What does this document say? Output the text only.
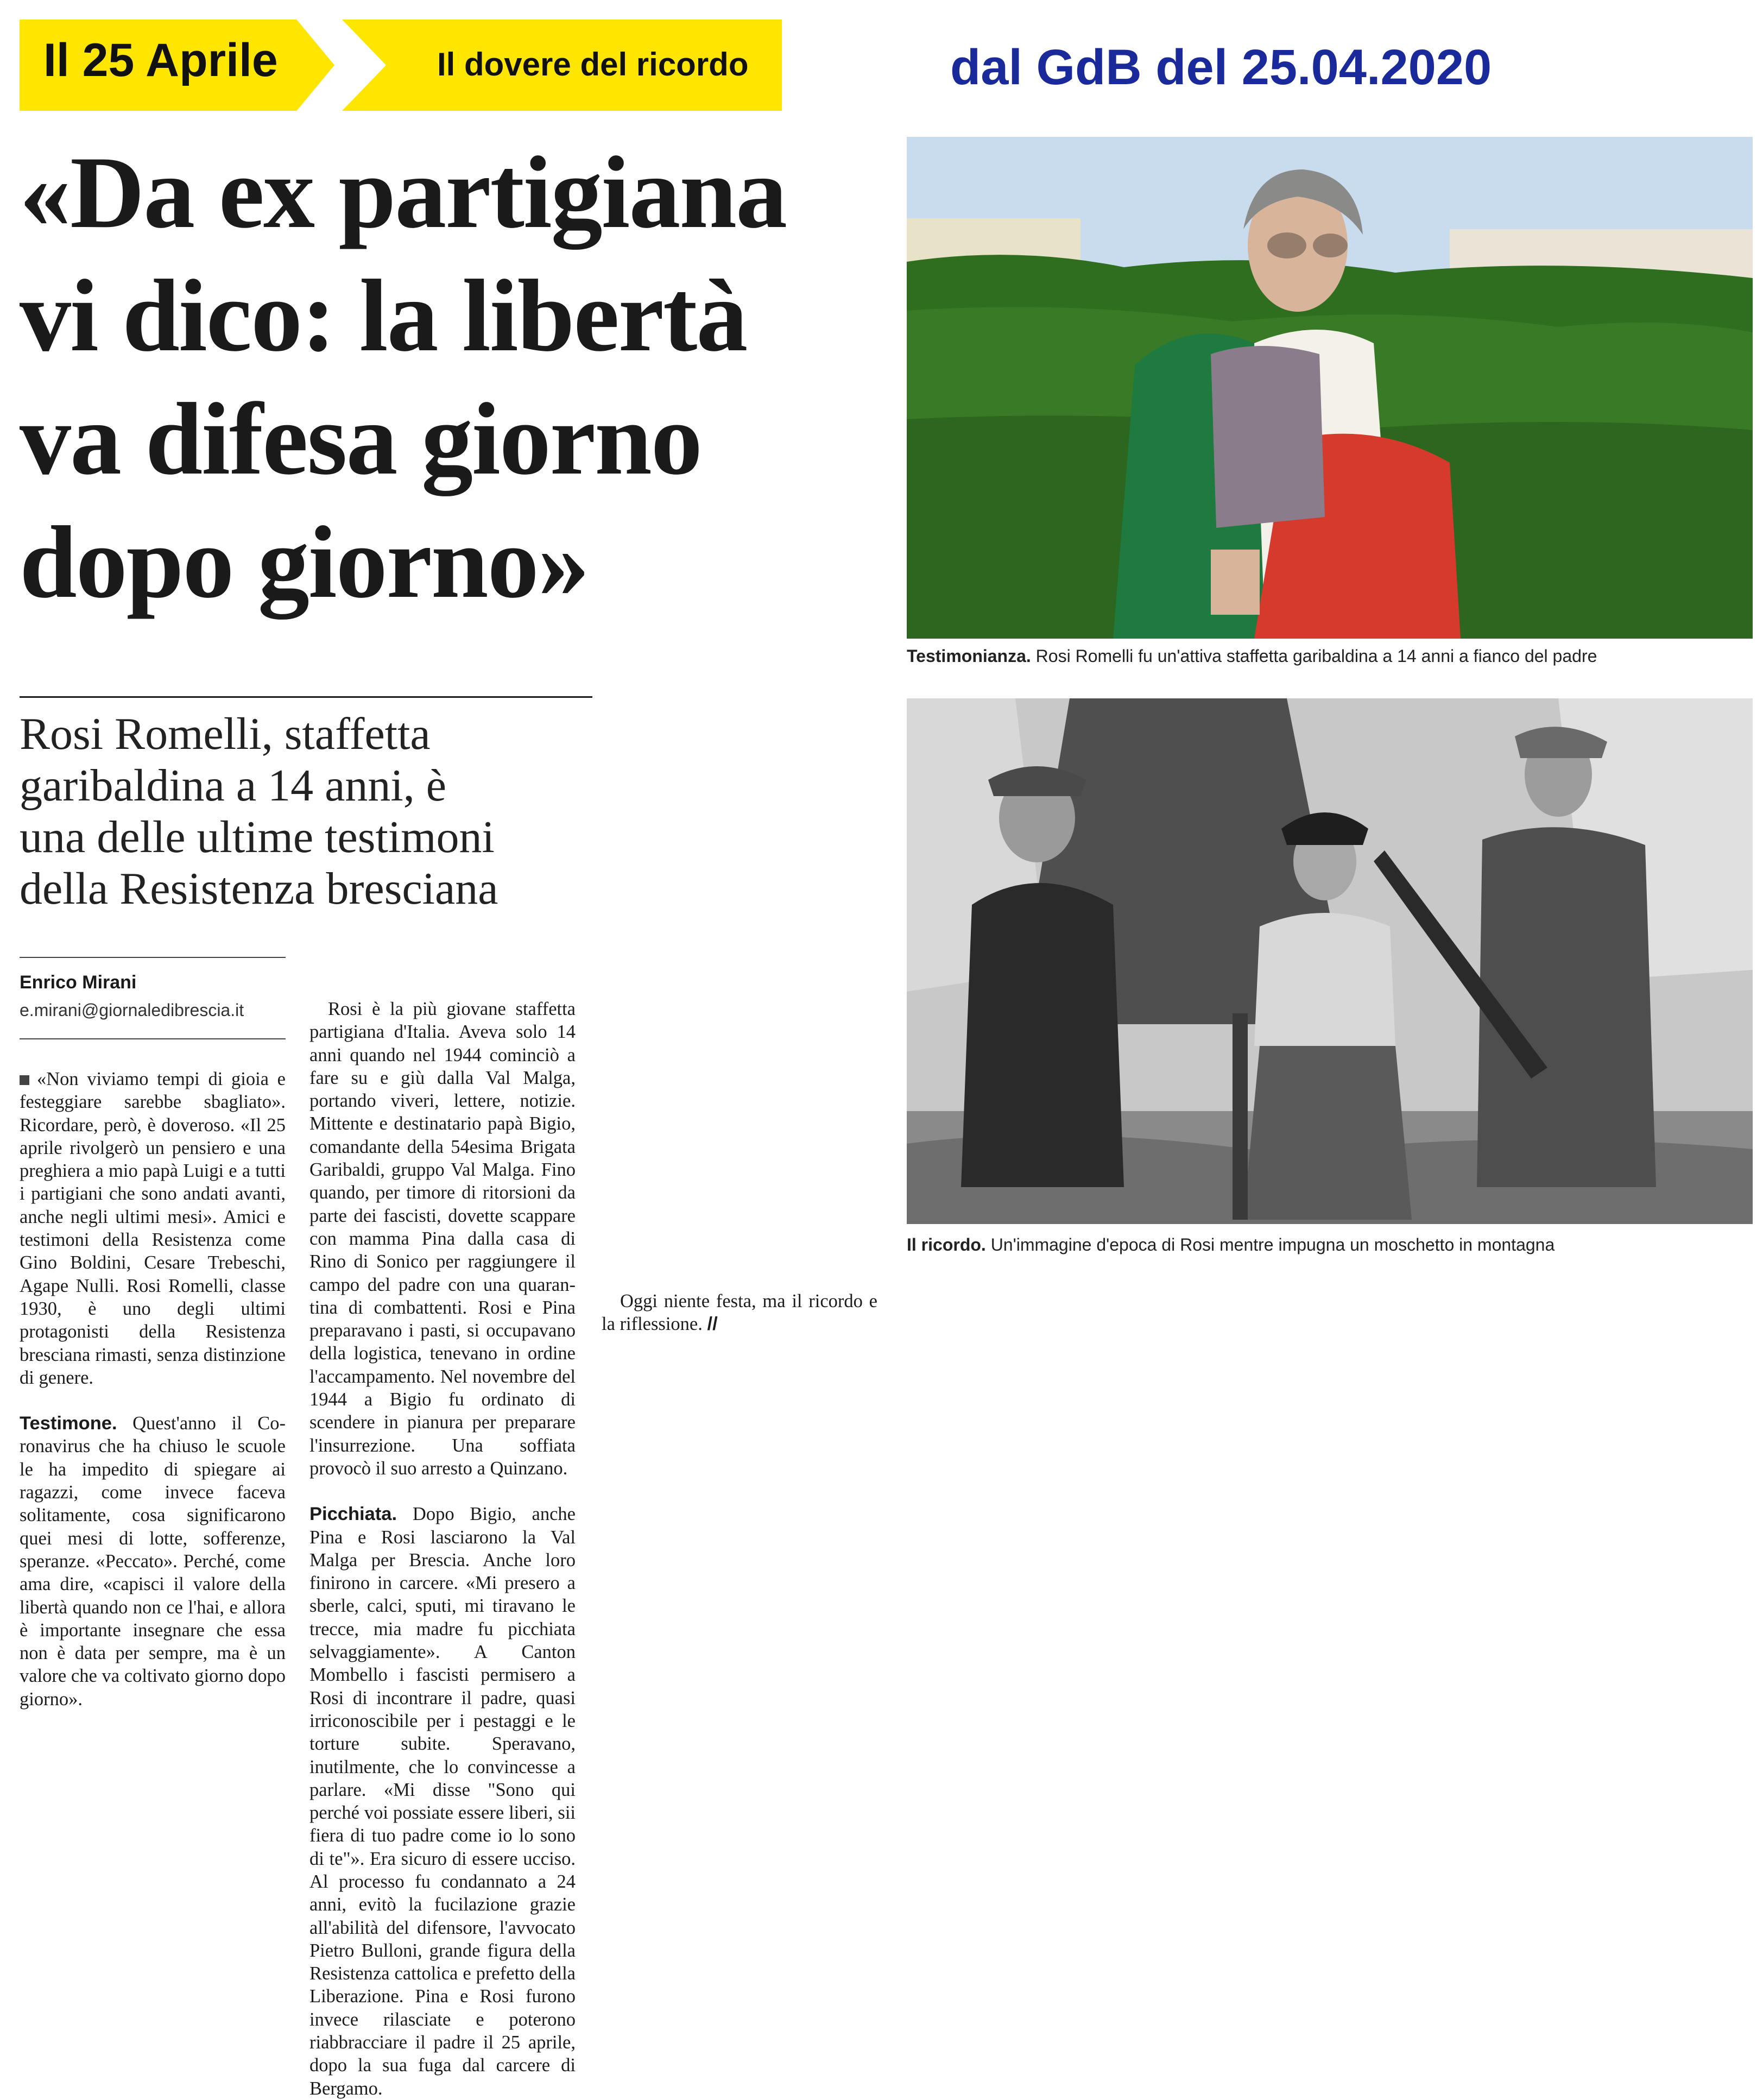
Il 25 Aprile	Il dovere del ricordo	dal GdB del 25.04.2020
«Da ex partigiana
vi dico: la libertà
va difesa giorno
dopo giorno»
Rosi Romelli, staffetta
garibaldina a 14 anni, è
una delle ultime testimoni
della Resistenza bresciana
Enrico Mirani
e.mirani@giornaledibrescia.it

«Non viviamo tempi di gioia e festeggiare sarebbe sbagliato». Ricordare, però, è doveroso. «Il 25 aprile rivolgerò un pensiero e una preghiera a mio papà Luigi e a tutti i partigiani che sono andati avanti, anche negli ultimi mesi». Amici e testimoni della Resistenza come Gino Boldini, Cesare Trebeschi, Agape Nulli. Rosi Romelli, classe 1930, è uno degli ultimi protagonisti della Resistenza bresciana rimasti, senza distinzione di genere.

Testimone. Quest'anno il Coronavirus che ha chiuso le scuole le ha impedito di spiegare ai ragazzi, come invece faceva solitamente, cosa significarono quei mesi di lotte, sofferenze, speranze. «Peccato». Perché, come ama dire, «capisci il valore della libertà quando non ce l'hai, e allora è importante insegnare che essa non è data per sempre, ma è un valore che va coltivato giorno dopo giorno».

Rosi è la più giovane staffetta partigiana d'Italia. Aveva solo 14 anni quando nel 1944 cominciò a fare su e giù dalla Val Malga, portando viveri, lettere, notizie. Mittente e destinatario papà Bigio, comandante della 54esima Brigata Garibaldi, gruppo Val Malga. Fino quando, per timore di ritorsioni da parte dei fascisti, dovette scappare con mamma Pina dalla casa di Rino di Sonico per raggiungere il campo del padre con una quarantina di combattenti. Rosi e Pina preparavano i pasti, si occupavano della logistica, tenevano in ordine l'accampamento. Nel novembre del 1944 a Bigio fu ordinato di scendere in pianura per preparare l'insurrezione. Una soffiata provocò il suo arresto a Quinzano.

Picchiata. Dopo Bigio, anche Pina e Rosi lasciarono la Val Malga per Brescia. Anche loro finirono in carcere. «Mi presero a sberle, calci, sputi, mi tiravano le trecce, mia madre fu picchiata selvaggiamente». A Canton Mombello i fascisti permisero a Rosi di incontrare il padre, quasi irriconoscibile per i pestaggi e le torture subite. Speravano, inutilmente, che lo convincesse a parlare. «Mi disse "Sono qui perché voi possiate essere liberi, sii fiera di tuo padre come io lo sono di te"». Era sicuro di essere ucciso. Al processo fu condannato a 24 anni, evitò la fucilazione grazie all'abilità del difensore, l'avvocato Pietro Bulloni, grande figura della Resistenza cattolica e prefetto della Liberazione. Pina e Rosi furono invece rilasciate e poterono riabbracciare il padre il 25 aprile, dopo la sua fuga dal carcere di Bergamo.

Oggi niente festa, ma il ricordo e la riflessione. //

Testimonianza. Rosi Romelli fu un'attiva staffetta garibaldina a 14 anni a fianco del padre
Il ricordo. Un'immagine d'epoca di Rosi mentre impugna un moschetto in montagna
